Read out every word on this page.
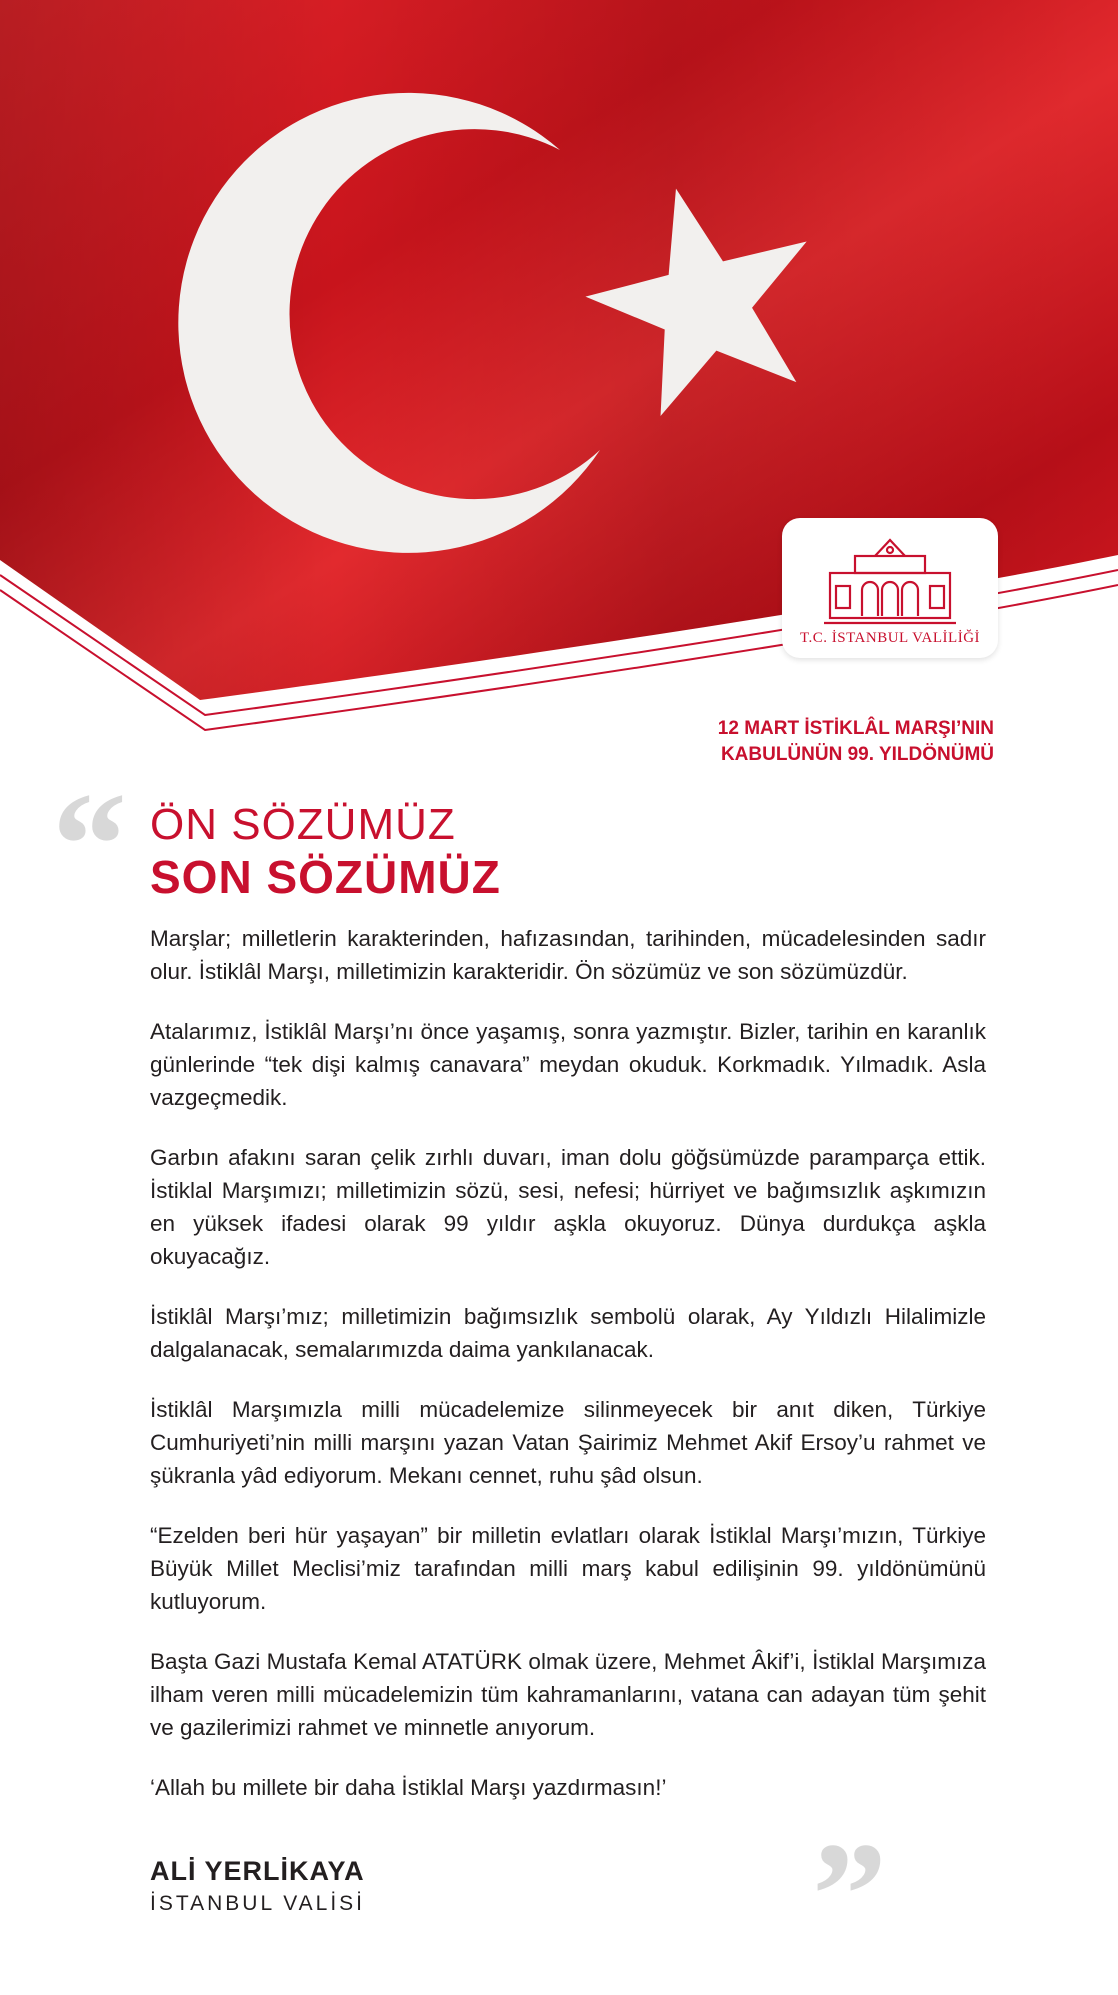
T.C. İSTANBUL VALİLİĞİ
12 MART İSTİKLÂL MARŞI’NIN
KABULÜNÜN 99. YILDÖNÜMÜ
“ ÖN SÖZÜMÜZ
SON SÖZÜMÜZ

Marşlar; milletlerin karakterinden, hafızasından, tarihinden, mücadelesinden sadır olur. İstiklâl Marşı, milletimizin karakteridir. Ön sözümüz ve son sözümüzdür.

Atalarımız, İstiklâl Marşı’nı önce yaşamış, sonra yazmıştır. Bizler, tarihin en karanlık günlerinde “tek dişi kalmış canavara” meydan okuduk. Korkmadık. Yılmadık. Asla vazgeçmedik.

Garbın afakını saran çelik zırhlı duvarı, iman dolu göğsümüzde paramparça ettik. İstiklal Marşımızı; milletimizin sözü, sesi, nefesi; hürriyet ve bağımsızlık aşkımızın en yüksek ifadesi olarak 99 yıldır aşkla okuyoruz. Dünya durdukça aşkla okuyacağız.

İstiklâl Marşı’mız; milletimizin bağımsızlık sembolü olarak, Ay Yıldızlı Hilalimizle dalgalanacak, semalarımızda daima yankılanacak.

İstiklâl Marşımızla milli mücadelemize silinmeyecek bir anıt diken, Türkiye Cumhuriyeti’nin milli marşını yazan Vatan Şairimiz Mehmet Akif Ersoy’u rahmet ve şükranla yâd ediyorum. Mekanı cennet, ruhu şâd olsun.

“Ezelden beri hür yaşayan” bir milletin evlatları olarak İstiklal Marşı’mızın, Türkiye Büyük Millet Meclisi’miz tarafından milli marş kabul edilişinin 99. yıldönümünü kutluyorum.

Başta Gazi Mustafa Kemal ATATÜRK olmak üzere, Mehmet Âkif’i, İstiklal Marşımıza ilham veren milli mücadelemizin tüm kahramanlarını, vatana can adayan tüm şehit ve gazilerimizi rahmet ve minnetle anıyorum.

‘Allah bu millete bir daha İstiklal Marşı yazdırmasın!’

”
ALİ YERLİKAYA
İSTANBUL VALİSİ
